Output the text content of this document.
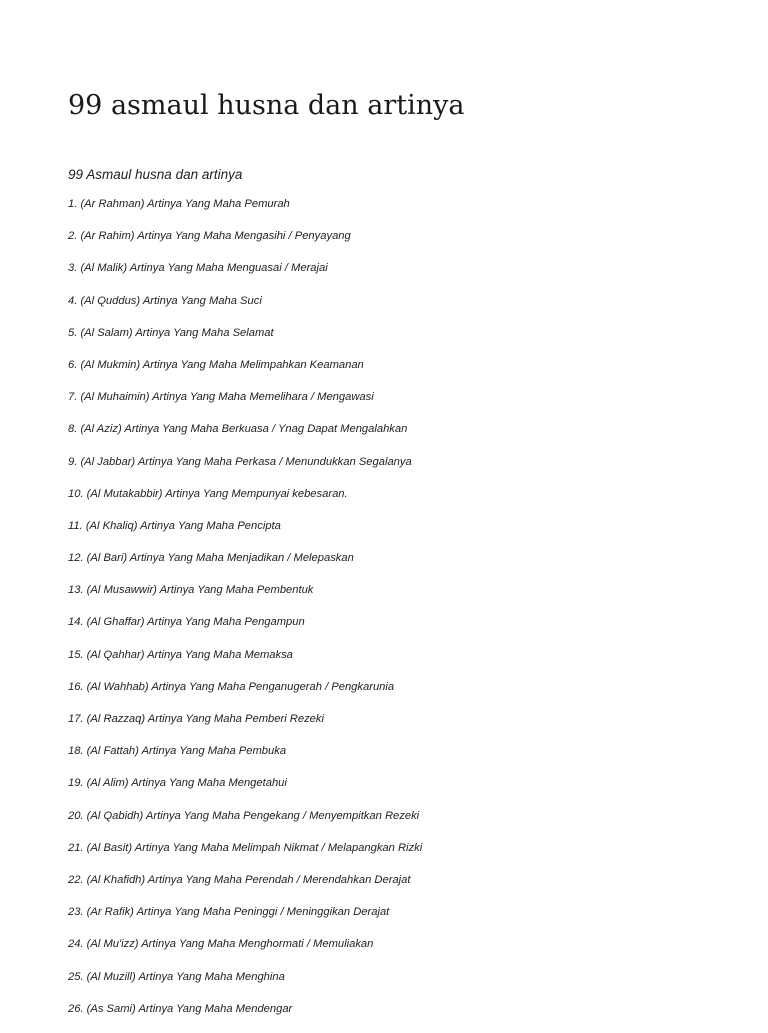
99 asmaul husna dan artinya

99 Asmaul husna dan artinya

1. (Ar Rahman) Artinya Yang Maha Pemurah
2. (Ar Rahim) Artinya Yang Maha Mengasihi / Penyayang
3. (Al Malik) Artinya Yang Maha Menguasai / Merajai
4. (Al Quddus) Artinya Yang Maha Suci
5. (Al Salam) Artinya Yang Maha Selamat
6. (Al Mukmin) Artinya Yang Maha Melimpahkan Keamanan
7. (Al Muhaimin) Artinya Yang Maha Memelihara / Mengawasi
8. (Al Aziz) Artinya Yang Maha Berkuasa / Ynag Dapat Mengalahkan
9. (Al Jabbar) Artinya Yang Maha Perkasa / Menundukkan Segalanya
10. (Al Mutakabbir) Artinya Yang Mempunyai kebesaran.
11. (Al Khaliq) Artinya Yang Maha Pencipta
12. (Al Bari) Artinya Yang Maha Menjadikan / Melepaskan
13. (Al Musawwir) Artinya Yang Maha Pembentuk
14. (Al Ghaffar) Artinya Yang Maha Pengampun
15. (Al Qahhar) Artinya Yang Maha Memaksa
16. (Al Wahhab) Artinya Yang Maha Penganugerah / Pengkarunia
17. (Al Razzaq) Artinya Yang Maha Pemberi Rezeki
18. (Al Fattah) Artinya Yang Maha Pembuka
19. (Al Alim) Artinya Yang Maha Mengetahui
20. (Al Qabidh) Artinya Yang Maha Pengekang / Menyempitkan Rezeki
21. (Al Basit) Artinya Yang Maha Melimpah Nikmat / Melapangkan Rizki
22. (Al Khafidh) Artinya Yang Maha Perendah / Merendahkan Derajat
23. (Ar Rafik) Artinya Yang Maha Peninggi / Meninggikan Derajat
24. (Al Mu'izz) Artinya Yang Maha Menghormati / Memuliakan
25. (Al Muzill) Artinya Yang Maha Menghina
26. (As Sami) Artinya Yang Maha Mendengar
